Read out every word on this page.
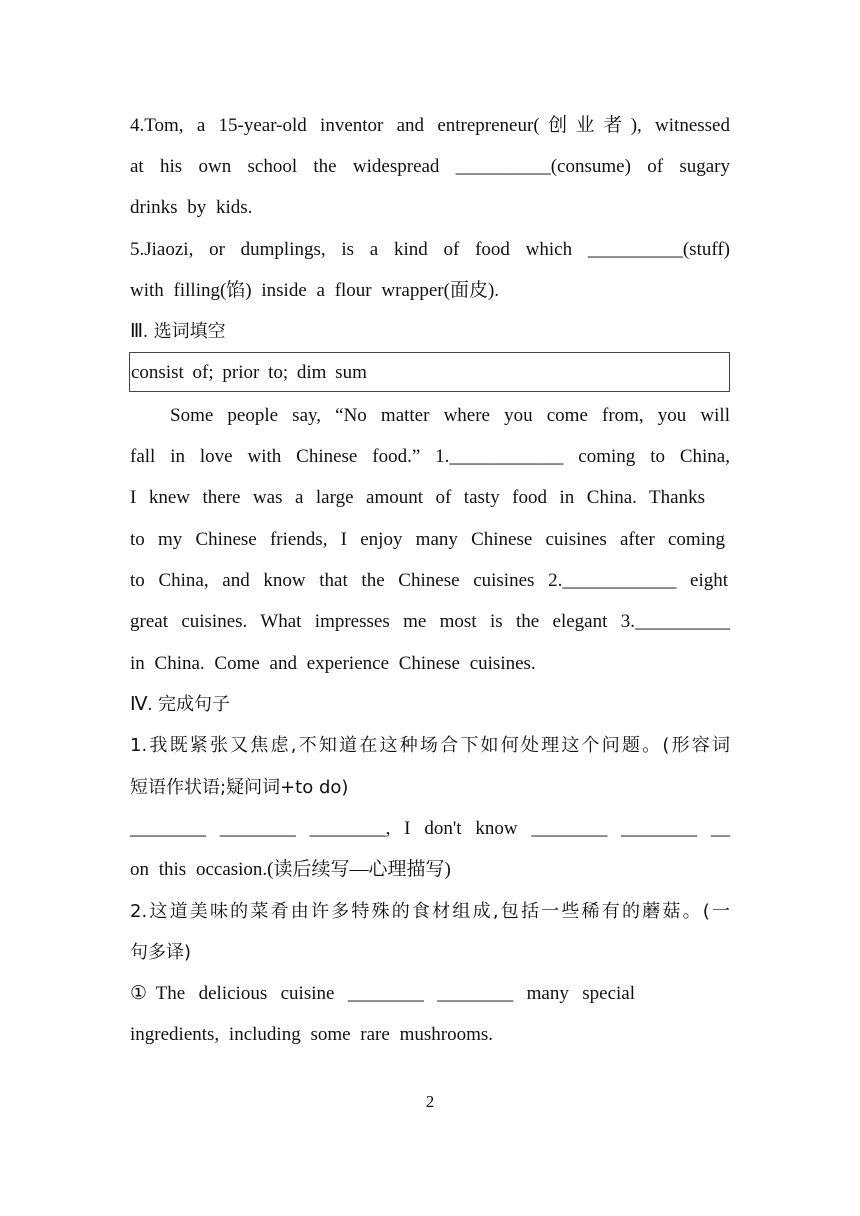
4.Tom, a 15-year-old inventor and entrepreneur(创业者), witnessed
at his own school the widespread __________(consume) of sugary
drinks by kids.
5.Jiaozi, or dumplings, is a kind of food which __________(stuff)
with filling(馅) inside a flour wrapper(面皮).
Ⅲ. 选词填空
consist of; prior to; dim sum
Some people say, “No matter where you come from, you will
fall in love with Chinese food.” 1.____________ coming to China,
I knew there was a large amount of tasty food in China. Thanks
to my Chinese friends, I enjoy many Chinese cuisines after coming
to China, and know that the Chinese cuisines 2.____________ eight
great cuisines. What impresses me most is the elegant 3.__________
in China. Come and experience Chinese cuisines.
Ⅳ. 完成句子
1.我既紧张又焦虑,不知道在这种场合下如何处理这个问题。(形容词
短语作状语;疑问词+to do)
________ ________ ________, I don't know ________ ________ __
on this occasion.(读后续写—心理描写)
2.这道美味的菜肴由许多特殊的食材组成,包括一些稀有的蘑菇。(一
句多译)
①The delicious cuisine ________ ________ many special
ingredients, including some rare mushrooms.
2
